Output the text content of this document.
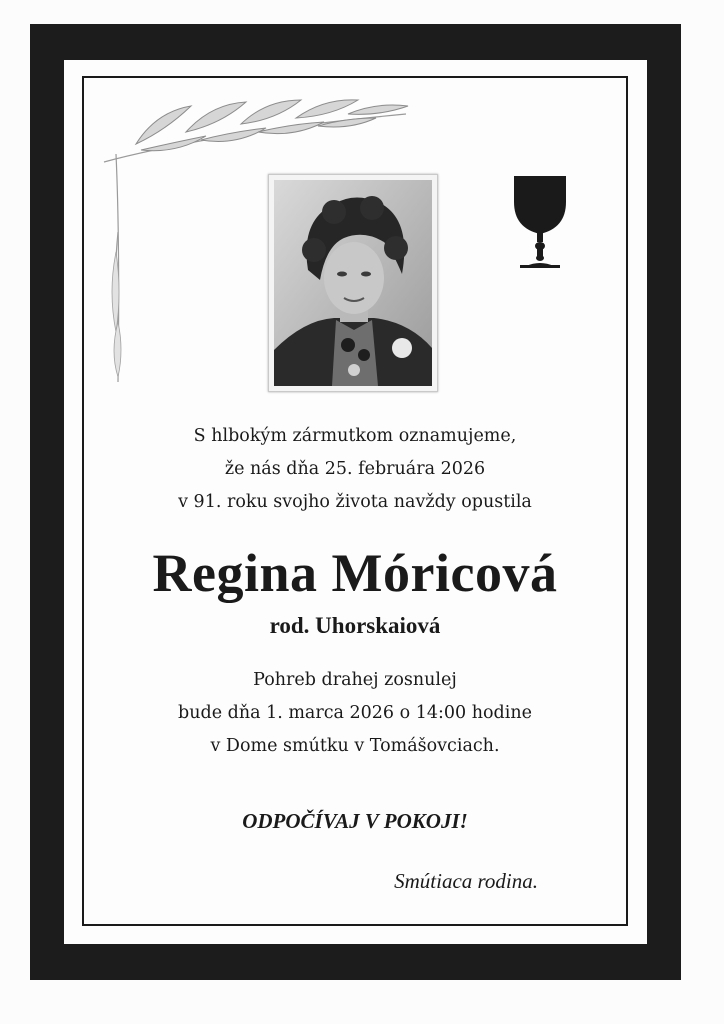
S hlbokým zármutkom oznamujeme,

že nás dňa 25. februára 2026

v 91. roku svojho života navždy opustila

Regina Móricová
rod. Uhorskaiová

Pohreb drahej zosnulej

bude dňa 1. marca 2026 o 14:00 hodine

v Dome smútku v Tomášovciach.

ODPOČÍVAJ V POKOJI!
Smútiaca rodina.
